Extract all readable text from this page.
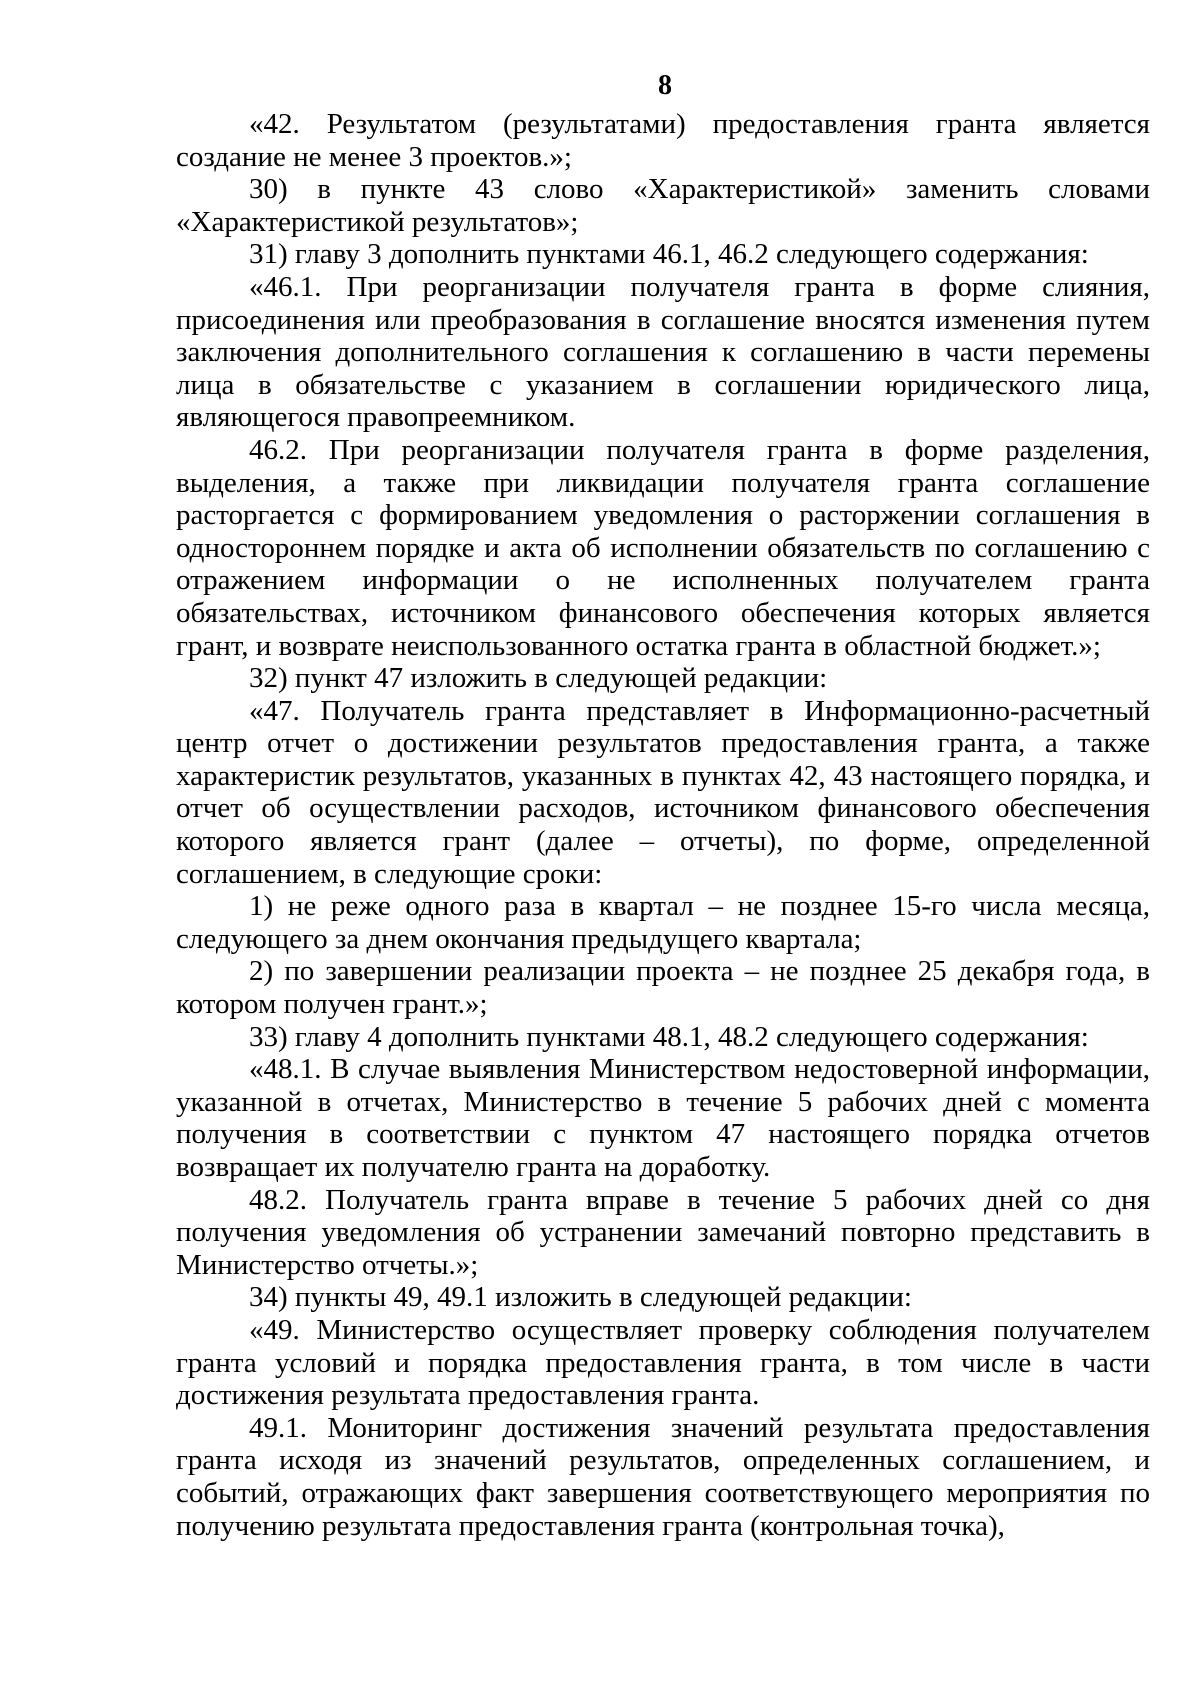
8

«42. Результатом (результатами) предоставления гранта является создание не менее 3 проектов.»;

30) в пункте 43 слово «Характеристикой» заменить словами «Характеристикой результатов»;

31) главу 3 дополнить пунктами 46.1, 46.2 следующего содержания:

«46.1. При реорганизации получателя гранта в форме слияния, присоединения или преобразования в соглашение вносятся изменения путем заключения дополнительного соглашения к соглашению в части перемены лица в обязательстве с указанием в соглашении юридического лица, являющегося правопреемником.

46.2. При реорганизации получателя гранта в форме разделения, выделения, а также при ликвидации получателя гранта соглашение расторгается с формированием уведомления о расторжении соглашения в одностороннем порядке и акта об исполнении обязательств по соглашению с отражением информации о не исполненных получателем гранта обязательствах, источником финансового обеспечения которых является грант, и возврате неиспользованного остатка гранта в областной бюджет.»;

32) пункт 47 изложить в следующей редакции:

«47. Получатель гранта представляет в Информационно-расчетный центр отчет о достижении результатов предоставления гранта, а также характеристик результатов, указанных в пунктах 42, 43 настоящего порядка, и отчет об осуществлении расходов, источником финансового обеспечения которого является грант (далее – отчеты), по форме, определенной соглашением, в следующие сроки:

1) не реже одного раза в квартал – не позднее 15-го числа месяца, следующего за днем окончания предыдущего квартала;

2) по завершении реализации проекта – не позднее 25 декабря года, в котором получен грант.»;

33) главу 4 дополнить пунктами 48.1, 48.2 следующего содержания:

«48.1. В случае выявления Министерством недостоверной информации, указанной в отчетах, Министерство в течение 5 рабочих дней с момента получения в соответствии с пунктом 47 настоящего порядка отчетов возвращает их получателю гранта на доработку.

48.2. Получатель гранта вправе в течение 5 рабочих дней со дня получения уведомления об устранении замечаний повторно представить в Министерство отчеты.»;

34) пункты 49, 49.1 изложить в следующей редакции:

«49. Министерство осуществляет проверку соблюдения получателем гранта условий и порядка предоставления гранта, в том числе в части достижения результата предоставления гранта.

49.1. Мониторинг достижения значений результата предоставления гранта исходя из значений результатов, определенных соглашением, и событий, отражающих факт завершения соответствующего мероприятия по получению результата предоставления гранта (контрольная точка),
